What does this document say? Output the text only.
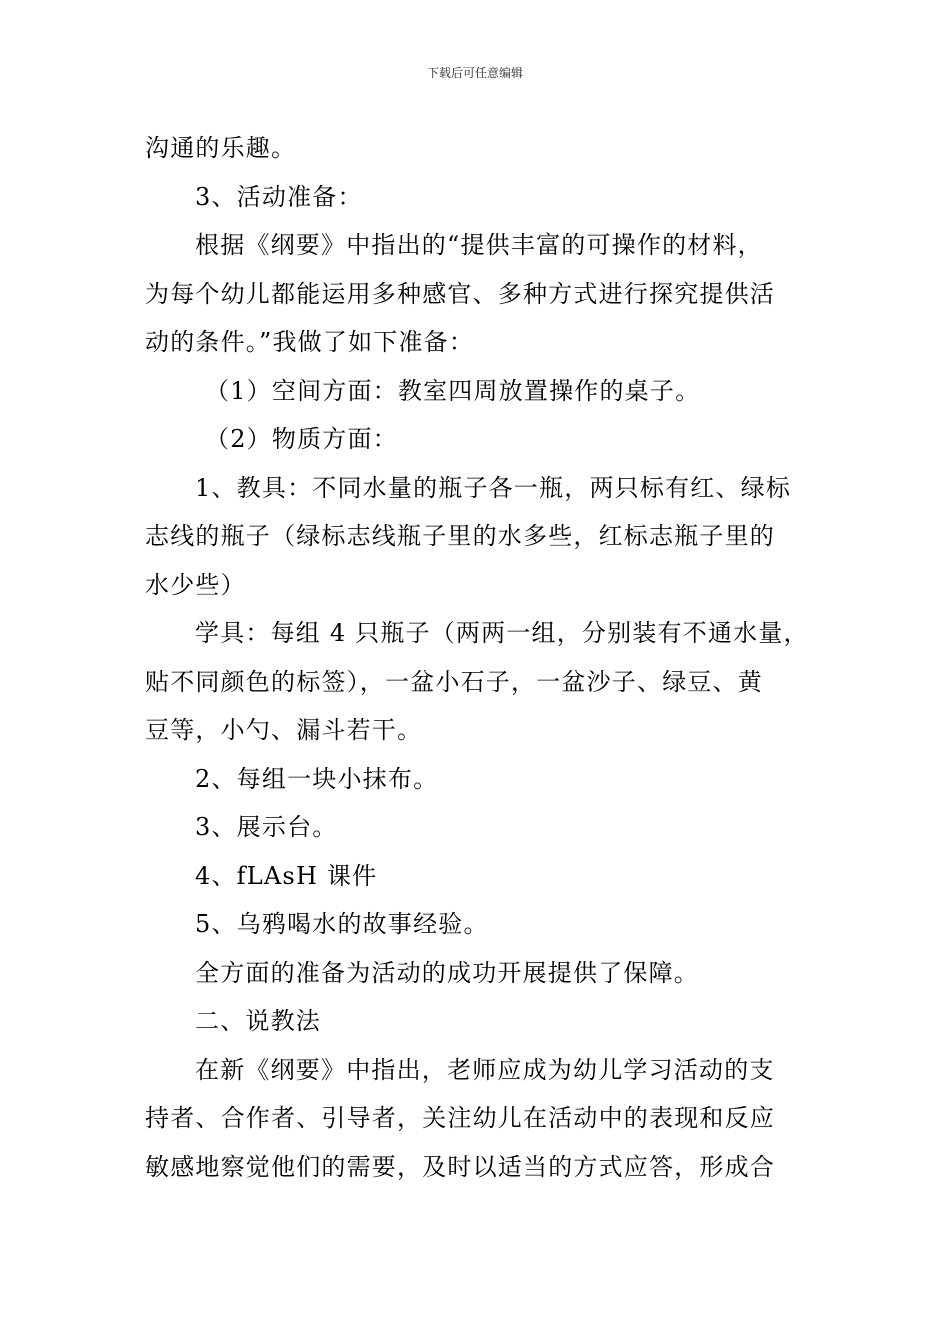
下载后可任意编辑

沟通的乐趣。

3、活动准备：

根据《纲要》中指出的“提供丰富的可操作的材料，

为每个幼儿都能运用多种感官、多种方式进行探究提供活

动的条件。”我做了如下准备：

（1）空间方面：教室四周放置操作的桌子。

（2）物质方面：

1、教具：不同水量的瓶子各一瓶，两只标有红、绿标

志线的瓶子（绿标志线瓶子里的水多些，红标志瓶子里的

水少些）

学具：每组 4 只瓶子（两两一组，分别装有不通水量，

贴不同颜色的标签），一盆小石子，一盆沙子、绿豆、黄

豆等，小勺、漏斗若干。

2、每组一块小抹布。

3、展示台。

4、fLAsH 课件

5、乌鸦喝水的故事经验。

全方面的准备为活动的成功开展提供了保障。

二、说教法

在新《纲要》中指出，老师应成为幼儿学习活动的支

持者、合作者、引导者，关注幼儿在活动中的表现和反应

敏感地察觉他们的需要，及时以适当的方式应答，形成合
